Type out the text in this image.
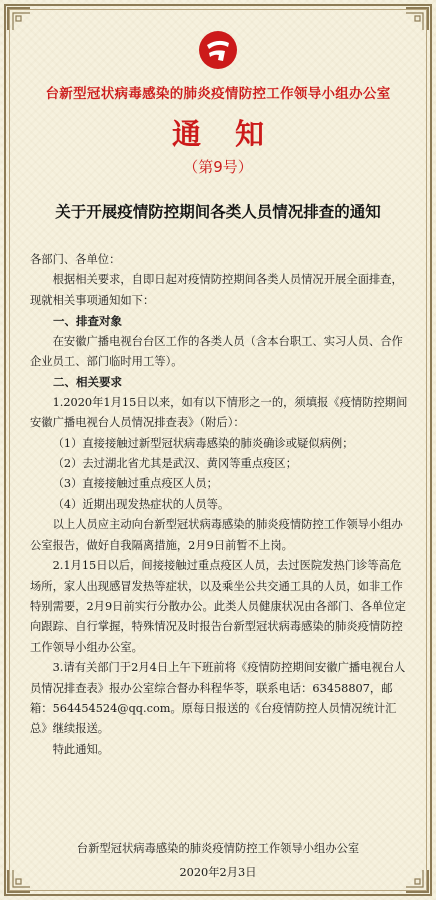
台新型冠状病毒感染的肺炎疫情防控工作领导小组办公室
通 知
（第9号）
关于开展疫情防控期间各类人员情况排查的通知

各部门、各单位：

根据相关要求，自即日起对疫情防控期间各类人员情况开展全面排查，现就相关事项通知如下：

一、排查对象

在安徽广播电视台台区工作的各类人员（含本台职工、实习人员、合作企业员工、部门临时用工等）。

二、相关要求

1.2020年1月15日以来，如有以下情形之一的，须填报《疫情防控期间安徽广播电视台人员情况排查表》（附后）：

（1）直接接触过新型冠状病毒感染的肺炎确诊或疑似病例；

（2）去过湖北省尤其是武汉、黄冈等重点疫区；

（3）直接接触过重点疫区人员；

（4）近期出现发热症状的人员等。

以上人员应主动向台新型冠状病毒感染的肺炎疫情防控工作领导小组办公室报告，做好自我隔离措施，2月9日前暂不上岗。

2.1月15日以后，间接接触过重点疫区人员，去过医院发热门诊等高危场所，家人出现感冒发热等症状，以及乘坐公共交通工具的人员，如非工作特别需要，2月9日前实行分散办公。此类人员健康状况由各部门、各单位定向跟踪、自行掌握，特殊情况及时报告台新型冠状病毒感染的肺炎疫情防控工作领导小组办公室。

3.请有关部门于2月4日上午下班前将《疫情防控期间安徽广播电视台人员情况排查表》报办公室综合督办科程华苓，联系电话：63458807，邮箱：564454524@qq.com。原每日报送的《台疫情防控人员情况统计汇总》继续报送。

特此通知。

台新型冠状病毒感染的肺炎疫情防控工作领导小组办公室
2020年2月3日
